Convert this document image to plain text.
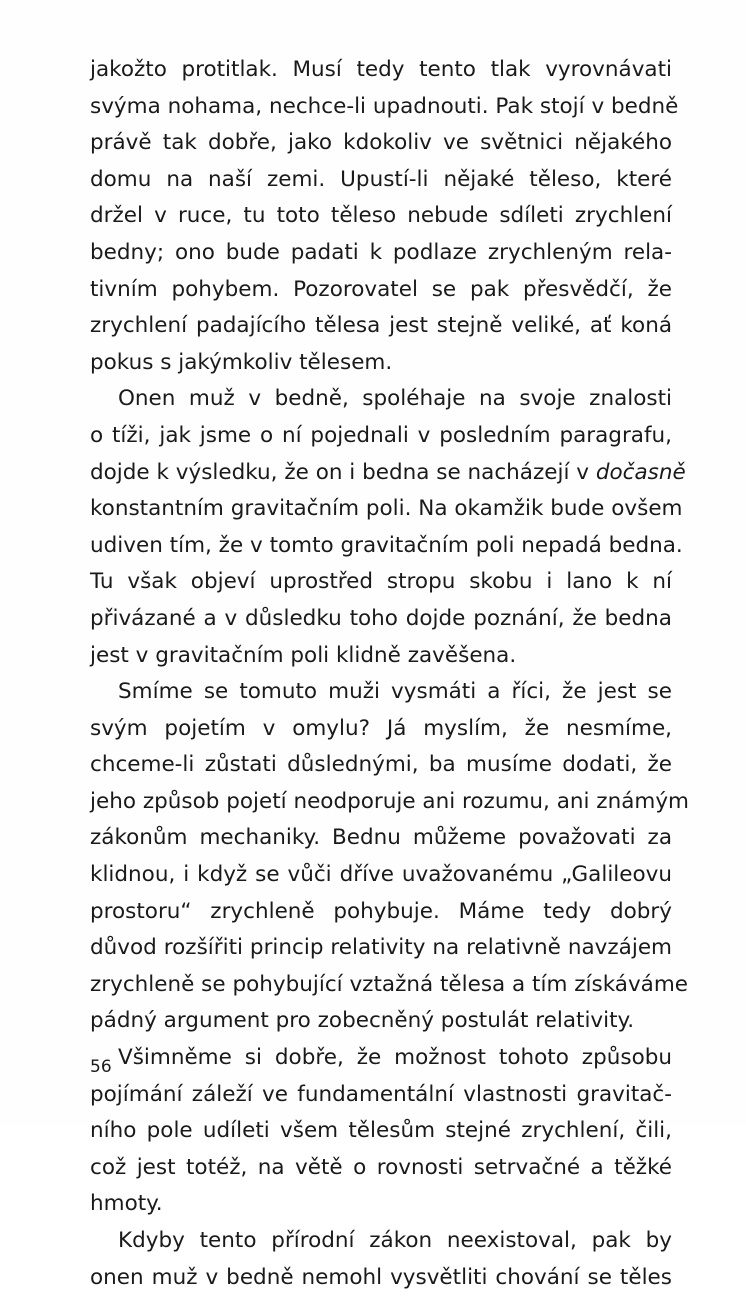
jakožto protitlak. Musí tedy tento tlak vyrovnávati
svýma nohama, nechce-li upadnouti. Pak stojí v bedně
právě tak dobře, jako kdokoliv ve světnici nějakého
domu na naší zemi. Upustí-li nějaké těleso, které
držel v ruce, tu toto těleso nebude sdíleti zrychlení
bedny; ono bude padati k podlaze zrychleným rela-
tivním pohybem. Pozorovatel se pak přesvědčí, že
zrychlení padajícího tělesa jest stejně veliké, ať koná
pokus s jakýmkoliv tělesem.
Onen muž v bedně, spoléhaje na svoje znalosti
o tíži, jak jsme o ní pojednali v posledním paragrafu,
dojde k výsledku, že on i bedna se nacházejí v dočasně
konstantním gravitačním poli. Na okamžik bude ovšem
udiven tím, že v tomto gravitačním poli nepadá bedna.
Tu však objeví uprostřed stropu skobu i lano k ní
přivázané a v důsledku toho dojde poznání, že bedna
jest v gravitačním poli klidně zavěšena.
Smíme se tomuto muži vysmáti a říci, že jest se
svým pojetím v omylu? Já myslím, že nesmíme,
chceme-li zůstati důslednými, ba musíme dodati, že
jeho způsob pojetí neodporuje ani rozumu, ani známým
zákonům mechaniky. Bednu můžeme považovati za
klidnou, i když se vůči dříve uvažovanému „Galileovu
prostoru“ zrychleně pohybuje. Máme tedy dobrý
důvod rozšířiti princip relativity na relativně navzájem
zrychleně se pohybující vztažná tělesa a tím získáváme
pádný argument pro zobecněný postulát relativity.
Všimněme si dobře, že možnost tohoto způsobu
pojímání záleží ve fundamentální vlastnosti gravitač-
ního pole udíleti všem tělesům stejné zrychlení, čili,
což jest totéž, na větě o rovnosti setrvačné a těžké
hmoty.
Kdyby tento přírodní zákon neexistoval, pak by
onen muž v bedně nemohl vysvětliti chování se těles
56
